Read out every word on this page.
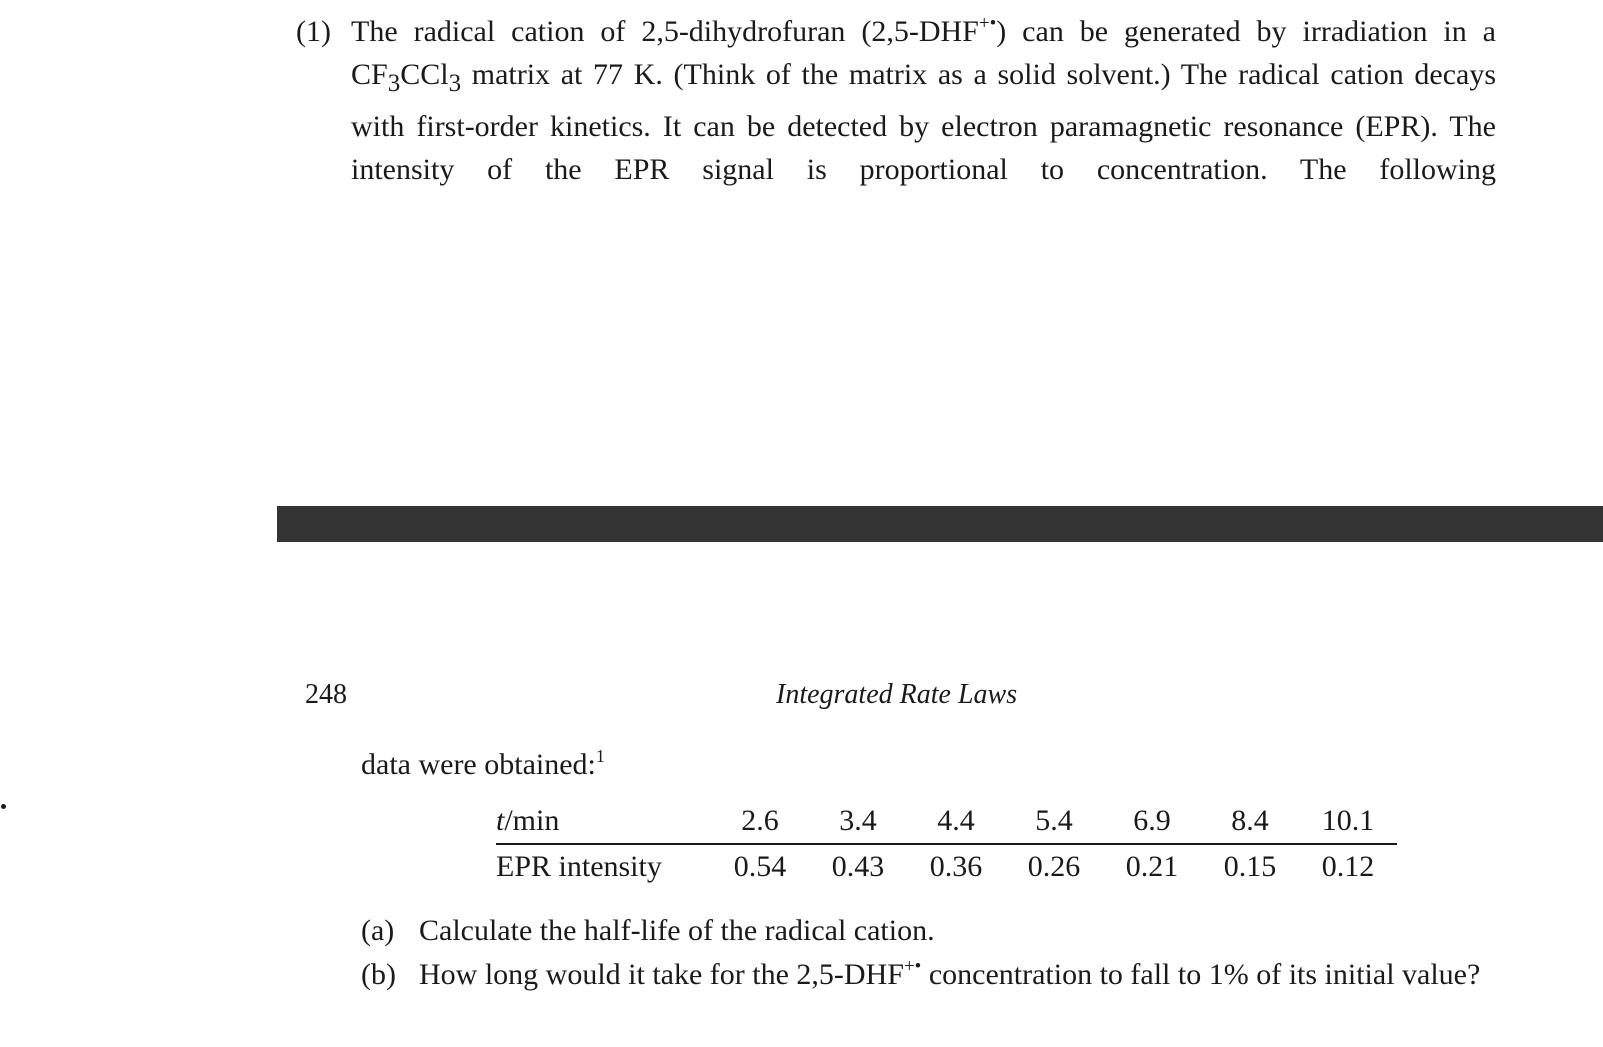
(1) The radical cation of 2,5-dihydrofuran (2,5-DHF+•) can be generated by irradiation in a $CF_3CCl_3$ matrix at 77 K. (Think of the matrix as a solid solvent.) The radical cation decays with first-order kinetics. It can be detected by electron paramagnetic resonance (EPR). The intensity of the EPR signal is proportional to concentration. The following
248	Integrated Rate Laws
data were obtained:$^1$
t/min	2.6	3.4	4.4	5.4	6.9	8.4	10.1
EPR intensity	0.54	0.43	0.36	0.26	0.21	0.15	0.12
(a) Calculate the half-life of the radical cation.
(b) How long would it take for the 2,5-DHF+• concentration to fall to 1% of its initial value?
